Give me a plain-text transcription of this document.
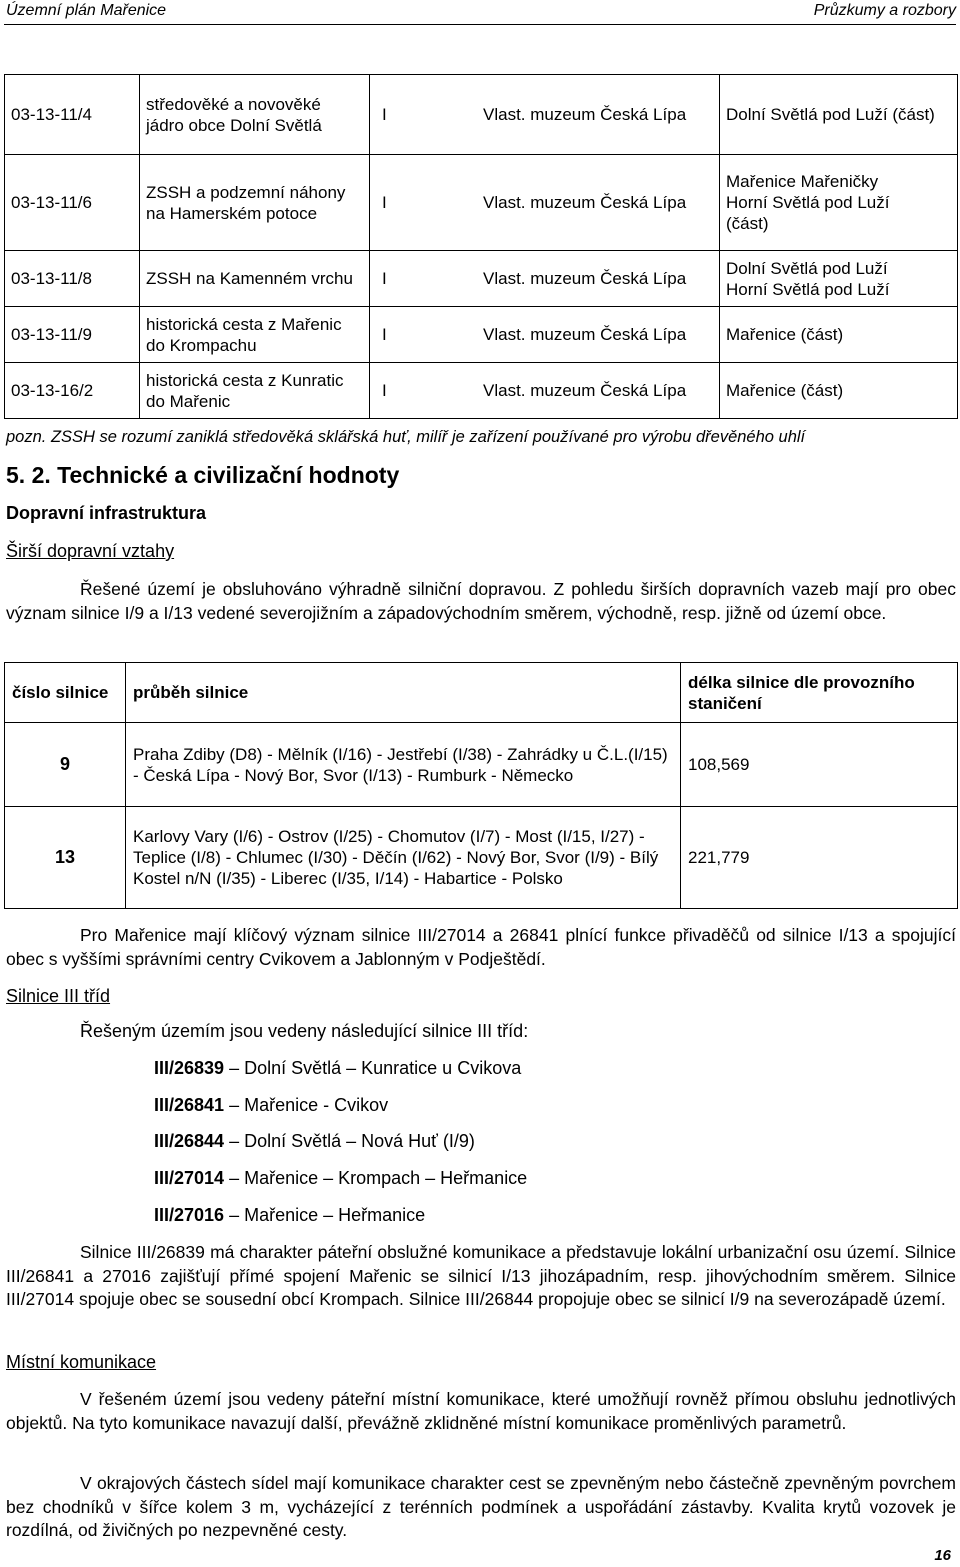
Územní plán Mařenice	Průzkumy a rozbory
03-13-11/4	středověké a novověké jádro obce Dolní Světlá	I	Vlast. muzeum Česká Lípa	Dolní Světlá pod Luží (část)
03-13-11/6	ZSSH a podzemní náhony na Hamerském potoce	I	Vlast. muzeum Česká Lípa	Mařenice Mařeničky Horní Světlá pod Luží (část)

03-13-11/8	ZSSH na Kamenném vrchu	I	Vlast. muzeum Česká Lípa	Dolní Světlá pod Luží Horní Světlá pod Luží

03-13-11/9	historická cesta z Mařenic do Krompachu	I	Vlast. muzeum Česká Lípa	Mařenice (část)
03-13-16/2	historická cesta z Kunratic do Mařenic	I	Vlast. muzeum Česká Lípa	Mařenice (část)
pozn. ZSSH se rozumí zaniklá středověká sklářská huť, milíř je zařízení používané pro výrobu dřevěného uhlí
5. 2. Technické a civilizační hodnoty
Dopravní infrastruktura
Širší dopravní vztahy
Řešené území je obsluhováno výhradně silniční dopravou. Z pohledu širších dopravních vazeb mají pro obec význam silnice I/9 a I/13 vedené severojižním a západovýchodním směrem, východně, resp. jižně od území obce.
číslo silnice	průběh silnice	délka silnice dle provozního staničení
9	Praha Zdiby (D8) - Mělník (I/16) - Jestřebí (I/38) - Zahrádky u Č.L.(I/15) - Česká Lípa - Nový Bor, Svor (I/13) - Rumburk - Německo	108,569
13	Karlovy Vary (I/6) - Ostrov (I/25) - Chomutov (I/7) - Most (I/15, I/27) - Teplice (I/8) - Chlumec (I/30) - Děčín (I/62) - Nový Bor, Svor (I/9) - Bílý Kostel n/N (I/35) - Liberec (I/35, I/14) - Habartice - Polsko	221,779
Pro Mařenice mají klíčový význam silnice III/27014 a 26841 plnící funkce přivaděčů od silnice I/13 a spojující obec s vyššími správními centry Cvikovem a Jablonným v Podještědí.
Silnice III tříd
Řešeným územím jsou vedeny následující silnice III tříd:
III/26839 – Dolní Světlá – Kunratice u Cvikova
III/26841 – Mařenice - Cvikov
III/26844 – Dolní Světlá – Nová Huť (I/9)
III/27014 – Mařenice – Krompach – Heřmanice
III/27016 – Mařenice – Heřmanice
Silnice III/26839 má charakter páteřní obslužné komunikace a představuje lokální urbanizační osu území. Silnice III/26841 a 27016 zajišťují přímé spojení Mařenic se silnicí I/13 jihozápadním, resp. jihovýchodním směrem. Silnice III/27014 spojuje obec se sousední obcí Krompach. Silnice III/26844 propojuje obec se silnicí I/9 na severozápadě území.
Místní komunikace
V řešeném území jsou vedeny páteřní místní komunikace, které umožňují rovněž přímou obsluhu jednotlivých objektů. Na tyto komunikace navazují další, převážně zklidněné místní komunikace proměnlivých parametrů.
V okrajových částech sídel mají komunikace charakter cest se zpevněným nebo částečně zpevněným povrchem bez chodníků v šířce kolem 3 m, vycházející z terénních podmínek a uspořádání zástavby. Kvalita krytů vozovek je rozdílná, od živičných po nezpevněné cesty.
16
